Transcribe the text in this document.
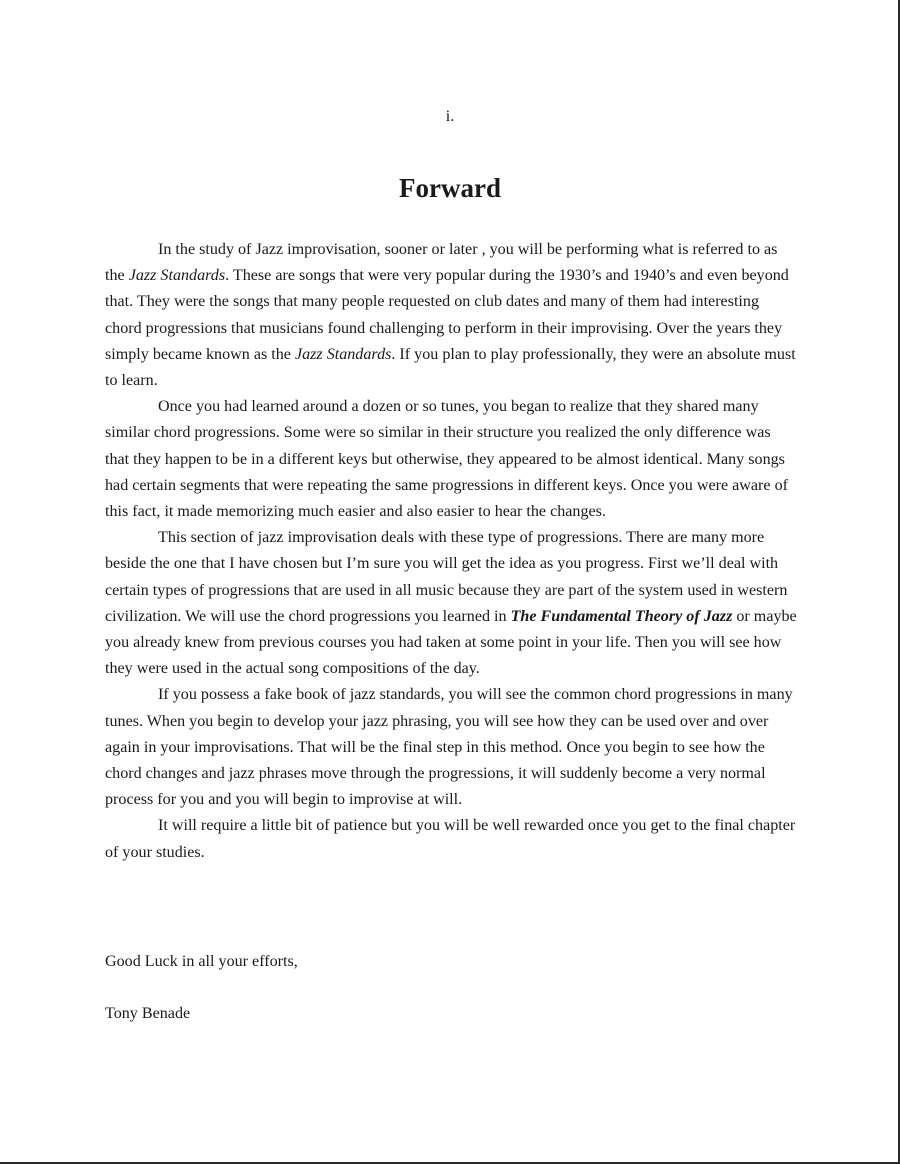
i.
Forward

In the study of Jazz improvisation, sooner or later , you will be performing what is referred to as the Jazz Standards. These are songs that were very popular during the 1930’s and 1940’s and even beyond that. They were the songs that many people requested on club dates and many of them had interesting chord progressions that musicians found challenging to perform in their improvising. Over the years they simply became known as the Jazz Standards. If you plan to play professionally, they were an absolute must to learn.

Once you had learned around a dozen or so tunes, you began to realize that they shared many similar chord progressions. Some were so similar in their structure you realized the only difference was that they happen to be in a different keys but otherwise, they appeared to be almost identical. Many songs had certain segments that were repeating the same progressions in different keys. Once you were aware of this fact, it made memorizing much easier and also easier to hear the changes.

This section of jazz improvisation deals with these type of progressions. There are many more beside the one that I have chosen but I’m sure you will get the idea as you progress. First we’ll deal with certain types of progressions that are used in all music because they are part of the system used in western civilization. We will use the chord progressions you learned in The Fundamental Theory of Jazz or maybe you already knew from previous courses you had taken at some point in your life. Then you will see how they were used in the actual song compositions of the day.

If you possess a fake book of jazz standards, you will see the common chord progressions in many tunes. When you begin to develop your jazz phrasing, you will see how they can be used over and over again in your improvisations. That will be the final step in this method. Once you begin to see how the chord changes and jazz phrases move through the progressions, it will suddenly become a very normal process for you and you will begin to improvise at will.

It will require a little bit of patience but you will be well rewarded once you get to the final chapter of your studies.

Good Luck in all your efforts,

Tony Benade
